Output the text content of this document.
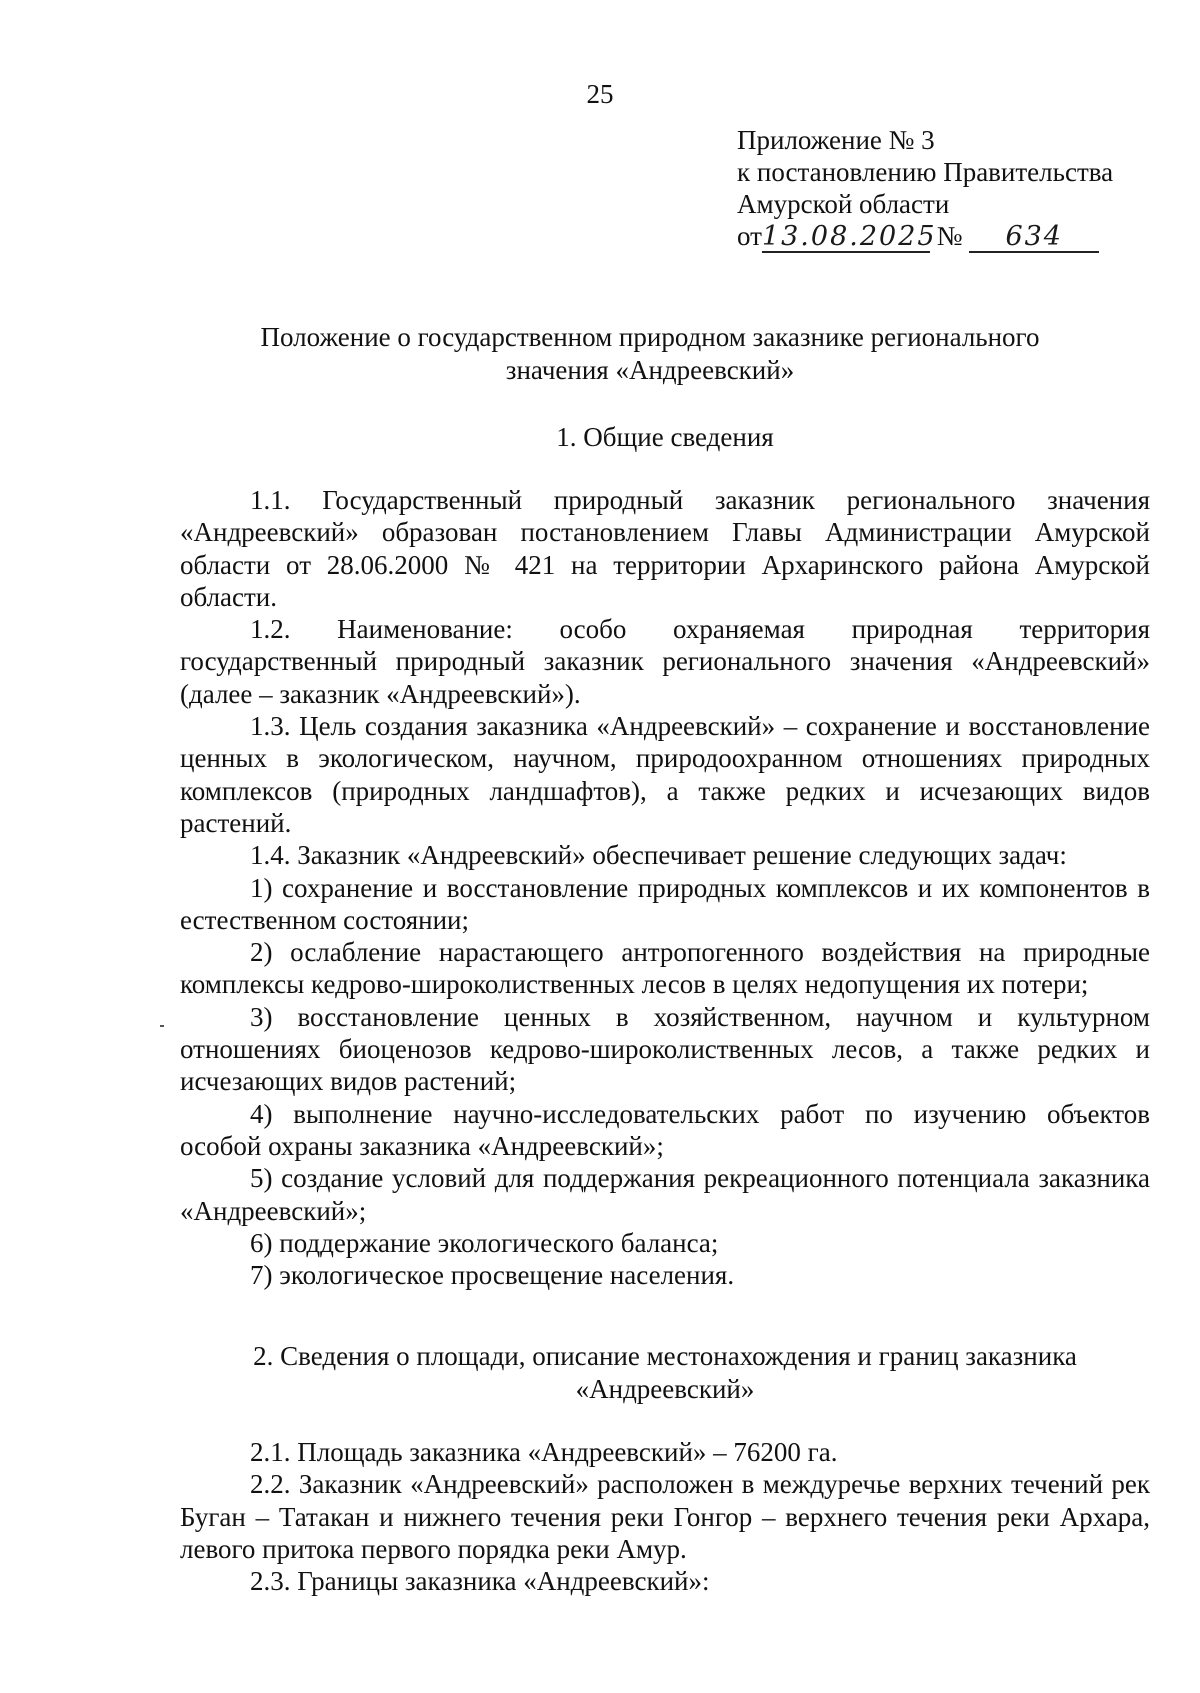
25
Приложение № 3
к постановлению Правительства
Амурской области
от13.08.2025 № 634
Положение о государственном природном заказнике регионального
значения «Андреевский»
1. Общие сведения

1.1. Государственный природный заказник регионального значения «Андреевский» образован постановлением Главы Администрации Амурской области от 28.06.2000 № 421 на территории Архаринского района Амурской области.

1.2. Наименование: особо охраняемая природная территория государственный природный заказник регионального значения «Андреевский» (далее – заказник «Андреевский»).

1.3. Цель создания заказника «Андреевский» – сохранение и восстановление ценных в экологическом, научном, природоохранном отношениях природных комплексов (природных ландшафтов), а также редких и исчезающих видов растений.

1.4. Заказник «Андреевский» обеспечивает решение следующих задач:

1) сохранение и восстановление природных комплексов и их компонентов в естественном состоянии;

2) ослабление нарастающего антропогенного воздействия на природные комплексы кедрово-широколиственных лесов в целях недопущения их потери;

3) восстановление ценных в хозяйственном, научном и культурном отношениях биоценозов кедрово-широколиственных лесов, а также редких и исчезающих видов растений;

4) выполнение научно-исследовательских работ по изучению объектов особой охраны заказника «Андреевский»;

5) создание условий для поддержания рекреационного потенциала заказника «Андреевский»;

6) поддержание экологического баланса;

7) экологическое просвещение населения.

2. Сведения о площади, описание местонахождения и границ заказника
«Андреевский»

2.1. Площадь заказника «Андреевский» – 76200 га.

2.2. Заказник «Андреевский» расположен в междуречье верхних течений рек Буган – Татакан и нижнего течения реки Гонгор – верхнего течения реки Архара, левого притока первого порядка реки Амур.

2.3. Границы заказника «Андреевский»:
